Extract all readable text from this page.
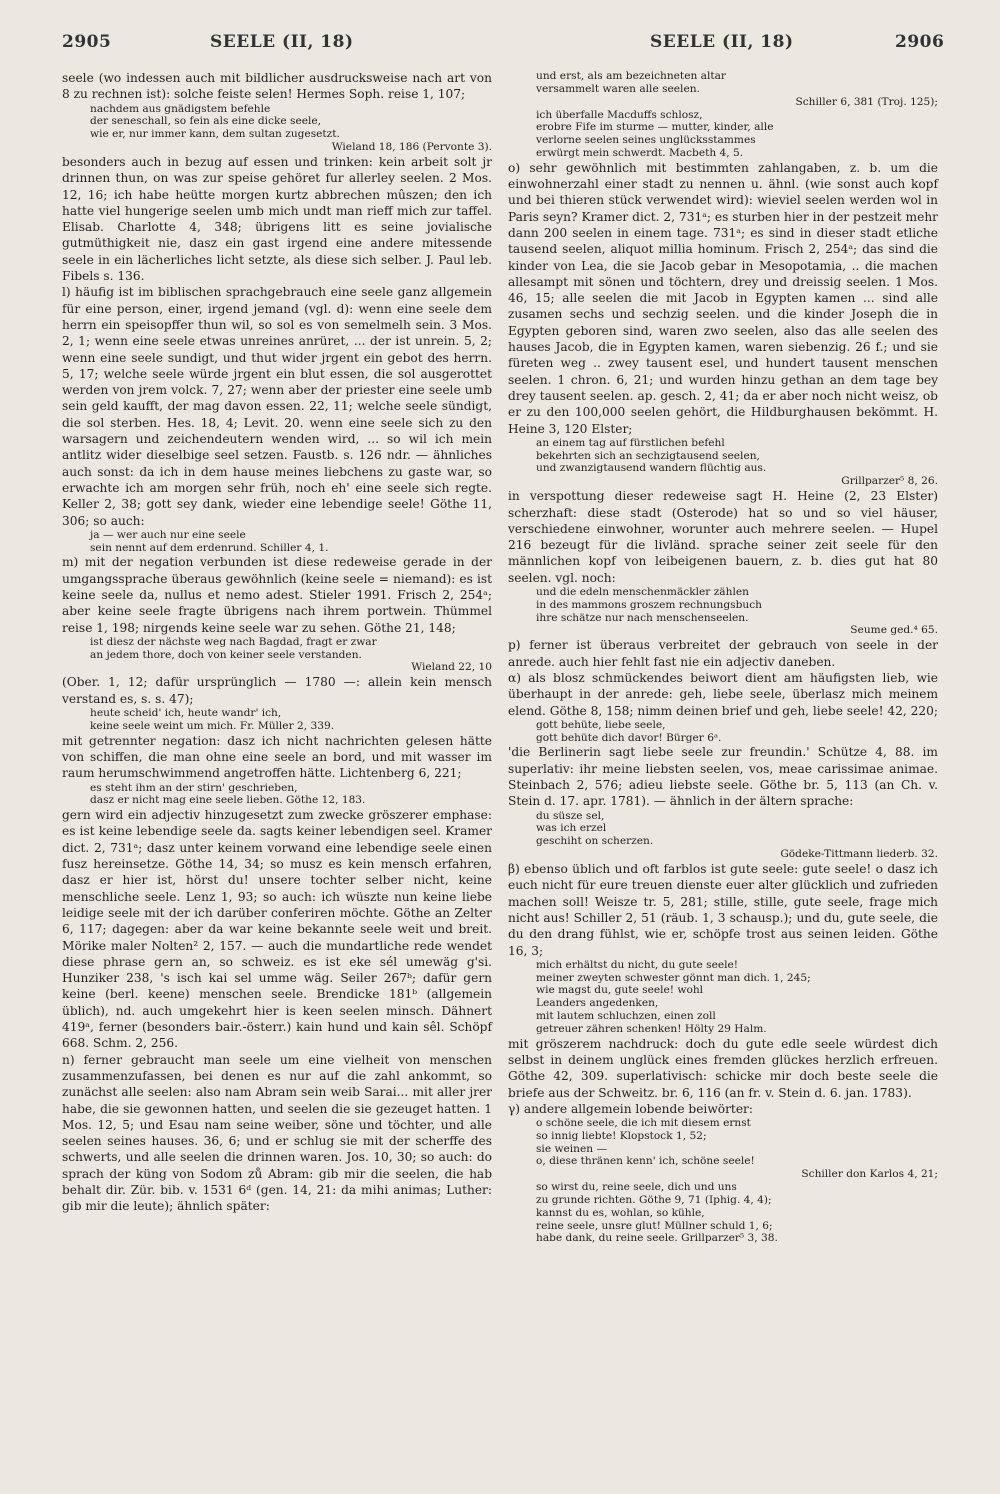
2905	SEELE (II, 18)	SEELE (II, 18)	2906
seele (wo indessen auch mit bildlicher ausdrucksweise nach art von 8 zu rechnen ist): solche feiste selen! Hermes Soph. reise 1, 107;
nachdem aus gnädigstem befehle
der seneschall, so fein als eine dicke seele,
wie er, nur immer kann, dem sultan zugesetzt.
Wieland 18, 186 (Pervonte 3).
besonders auch in bezug auf essen und trinken: kein arbeit solt jr drinnen thun, on was zur speise gehöret fur allerley seelen. 2 Mos. 12, 16; ich habe heütte morgen kurtz abbrechen mûszen; den ich hatte viel hungerige seelen umb mich undt man rieff mich zur taffel. Elisab. Charlotte 4, 348; übrigens litt es seine jovialische gutmüthigkeit nie, dasz ein gast irgend eine andere mitessende seele in ein lächerliches licht setzte, als diese sich selber. J. Paul leb. Fibels s. 136.
l) häufig ist im biblischen sprachgebrauch eine seele ganz allgemein für eine person, einer, irgend jemand (vgl. d): wenn eine seele dem herrn ein speisopffer thun wil, so sol es von semelmelh sein. 3 Mos. 2, 1; wenn eine seele etwas unreines anrüret, ... der ist unrein. 5, 2; wenn eine seele sundigt, und thut wider jrgent ein gebot des herrn. 5, 17; welche seele würde jrgent ein blut essen, die sol ausgerottet werden von jrem volck. 7, 27; wenn aber der priester eine seele umb sein geld kaufft, der mag davon essen. 22, 11; welche seele sündigt, die sol sterben. Hes. 18, 4; Levit. 20. wenn eine seele sich zu den warsagern und zeichendeutern wenden wird, ... so wil ich mein antlitz wider dieselbige seel setzen. Faustb. s. 126 ndr. — ähnliches auch sonst: da ich in dem hause meines liebchens zu gaste war, so erwachte ich am morgen sehr früh, noch eh' eine seele sich regte. Keller 2, 38; gott sey dank, wieder eine lebendige seele! Göthe 11, 306; so auch:
ja — wer auch nur eine seele
sein nennt auf dem erdenrund. Schiller 4, 1.
m) mit der negation verbunden ist diese redeweise gerade in der umgangssprache überaus gewöhnlich (keine seele = niemand): es ist keine seele da, nullus et nemo adest. Stieler 1991. Frisch 2, 254ᵃ; aber keine seele fragte übrigens nach ihrem portwein. Thümmel reise 1, 198; nirgends keine seele war zu sehen. Göthe 21, 148;
ist diesz der nächste weg nach Bagdad, fragt er zwar
an jedem thore, doch von keiner seele verstanden.
Wieland 22, 10
(Ober. 1, 12; dafür ursprünglich — 1780 —: allein kein mensch verstand es, s. s. 47);
heute scheid' ich, heute wandr' ich,
keine seele weint um mich. Fr. Müller 2, 339.
mit getrennter negation: dasz ich nicht nachrichten gelesen hätte von schiffen, die man ohne eine seele an bord, und mit wasser im raum herumschwimmend angetroffen hätte. Lichtenberg 6, 221;
es steht ihm an der stirn' geschrieben,
dasz er nicht mag eine seele lieben. Göthe 12, 183.
gern wird ein adjectiv hinzugesetzt zum zwecke gröszerer emphase: es ist keine lebendige seele da. sagts keiner lebendigen seel. Kramer dict. 2, 731ᵃ; dasz unter keinem vorwand eine lebendige seele einen fusz hereinsetze. Göthe 14, 34; so musz es kein mensch erfahren, dasz er hier ist, hörst du! unsere tochter selber nicht, keine menschliche seele. Lenz 1, 93; so auch: ich wüszte nun keine liebe leidige seele mit der ich darüber conferiren möchte. Göthe an Zelter 6, 117; dagegen: aber da war keine bekannte seele weit und breit. Mörike maler Nolten² 2, 157. — auch die mundartliche rede wendet diese phrase gern an, so schweiz. es ist eke sél umewäg g'si. Hunziker 238, 's isch kai sel umme wäg. Seiler 267ᵇ; dafür gern keine (berl. keene) menschen seele. Brendicke 181ᵇ (allgemein üblich), nd. auch umgekehrt hier is keen seelen minsch. Dähnert 419ᵃ, ferner (besonders bair.-österr.) kain hund und kain sêl. Schöpf 668. Schm. 2, 256.
n) ferner gebraucht man seele um eine vielheit von menschen zusammenzufassen, bei denen es nur auf die zahl ankommt, so zunächst alle seelen: also nam Abram sein weib Sarai... mit aller jrer habe, die sie gewonnen hatten, und seelen die sie gezeuget hatten. 1 Mos. 12, 5; und Esau nam seine weiber, söne und töchter, und alle seelen seines hauses. 36, 6; und er schlug sie mit der scherffe des schwerts, und alle seelen die drinnen waren. Jos. 10, 30; so auch: do sprach der küng von Sodom zů Abram: gib mir die seelen, die hab behalt dir. Zür. bib. v. 1531 6ᵈ (gen. 14, 21: da mihi animas; Luther: gib mir die leute); ähnlich später:
und erst, als am bezeichneten altar
versammelt waren alle seelen.
Schiller 6, 381 (Troj. 125);
ich überfalle Macduffs schlosz,
erobre Fife im sturme — mutter, kinder, alle
verlorne seelen seines unglücksstammes
erwürgt mein schwerdt. Macbeth 4, 5.
o) sehr gewöhnlich mit bestimmten zahlangaben, z. b. um die einwohnerzahl einer stadt zu nennen u. ähnl. (wie sonst auch kopf und bei thieren stück verwendet wird): wieviel seelen werden wol in Paris seyn? Kramer dict. 2, 731ᵃ; es sturben hier in der pestzeit mehr dann 200 seelen in einem tage. 731ᵃ; es sind in dieser stadt etliche tausend seelen, aliquot millia hominum. Frisch 2, 254ᵃ; das sind die kinder von Lea, die sie Jacob gebar in Mesopotamia, .. die machen allesampt mit sönen und töchtern, drey und dreissig seelen. 1 Mos. 46, 15; alle seelen die mit Jacob in Egypten kamen ... sind alle zusamen sechs und sechzig seelen. und die kinder Joseph die in Egypten geboren sind, waren zwo seelen, also das alle seelen des hauses Jacob, die in Egypten kamen, waren siebenzig. 26 f.; und sie füreten weg .. zwey tausent esel, und hundert tausent menschen seelen. 1 chron. 6, 21; und wurden hinzu gethan an dem tage bey drey tausent seelen. ap. gesch. 2, 41; da er aber noch nicht weisz, ob er zu den 100,000 seelen gehört, die Hildburghausen bekömmt. H. Heine 3, 120 Elster;
an einem tag auf fürstlichen befehl
bekehrten sich an sechzigtausend seelen,
und zwanzigtausend wandern flüchtig aus.
Grillparzer⁵ 8, 26.
in verspottung dieser redeweise sagt H. Heine (2, 23 Elster) scherzhaft: diese stadt (Osterode) hat so und so viel häuser, verschiedene einwohner, worunter auch mehrere seelen. — Hupel 216 bezeugt für die livländ. sprache seiner zeit seele für den männlichen kopf von leibeigenen bauern, z. b. dies gut hat 80 seelen. vgl. noch:
und die edeln menschenmäckler zählen
in des mammons groszem rechnungsbuch
ihre schätze nur nach menschenseelen.
Seume ged.⁴ 65.
p) ferner ist überaus verbreitet der gebrauch von seele in der anrede. auch hier fehlt fast nie ein adjectiv daneben.
α) als blosz schmückendes beiwort dient am häufigsten lieb, wie überhaupt in der anrede: geh, liebe seele, überlasz mich meinem elend. Göthe 8, 158; nimm deinen brief und geh, liebe seele! 42, 220;
gott behüte, liebe seele,
gott behüte dich davor! Bürger 6ᵃ.
'die Berlinerin sagt liebe seele zur freundin.' Schütze 4, 88. im superlativ: ihr meine liebsten seelen, vos, meae carissimae animae. Steinbach 2, 576; adieu liebste seele. Göthe br. 5, 113 (an Ch. v. Stein d. 17. apr. 1781). — ähnlich in der ältern sprache:
du süsze sel,
was ich erzel
geschiht on scherzen.
Gödeke-Tittmann liederb. 32.
β) ebenso üblich und oft farblos ist gute seele: gute seele! o dasz ich euch nicht für eure treuen dienste euer alter glücklich und zufrieden machen soll! Weisze tr. 5, 281; stille, stille, gute seele, frage mich nicht aus! Schiller 2, 51 (räub. 1, 3 schausp.); und du, gute seele, die du den drang fühlst, wie er, schöpfe trost aus seinen leiden. Göthe 16, 3;
mich erhältst du nicht, du gute seele!
meiner zweyten schwester gönnt man dich. 1, 245;
wie magst du, gute seele! wohl
Leanders angedenken,
mit lautem schluchzen, einen zoll
getreuer zähren schenken! Hölty 29 Halm.
mit gröszerem nachdruck: doch du gute edle seele würdest dich selbst in deinem unglück eines fremden glückes herzlich erfreuen. Göthe 42, 309. superlativisch: schicke mir doch beste seele die briefe aus der Schweitz. br. 6, 116 (an fr. v. Stein d. 6. jan. 1783).
γ) andere allgemein lobende beiwörter:
o schöne seele, die ich mit diesem ernst
so innig liebte! Klopstock 1, 52;
sie weinen —
o, diese thränen kenn' ich, schöne seele!
Schiller don Karlos 4, 21;
so wirst du, reine seele, dich und uns
zu grunde richten. Göthe 9, 71 (Iphig. 4, 4);
kannst du es, wohlan, so kühle,
reine seele, unsre glut! Müllner schuld 1, 6;
habe dank, du reine seele. Grillparzer⁵ 3, 38.
